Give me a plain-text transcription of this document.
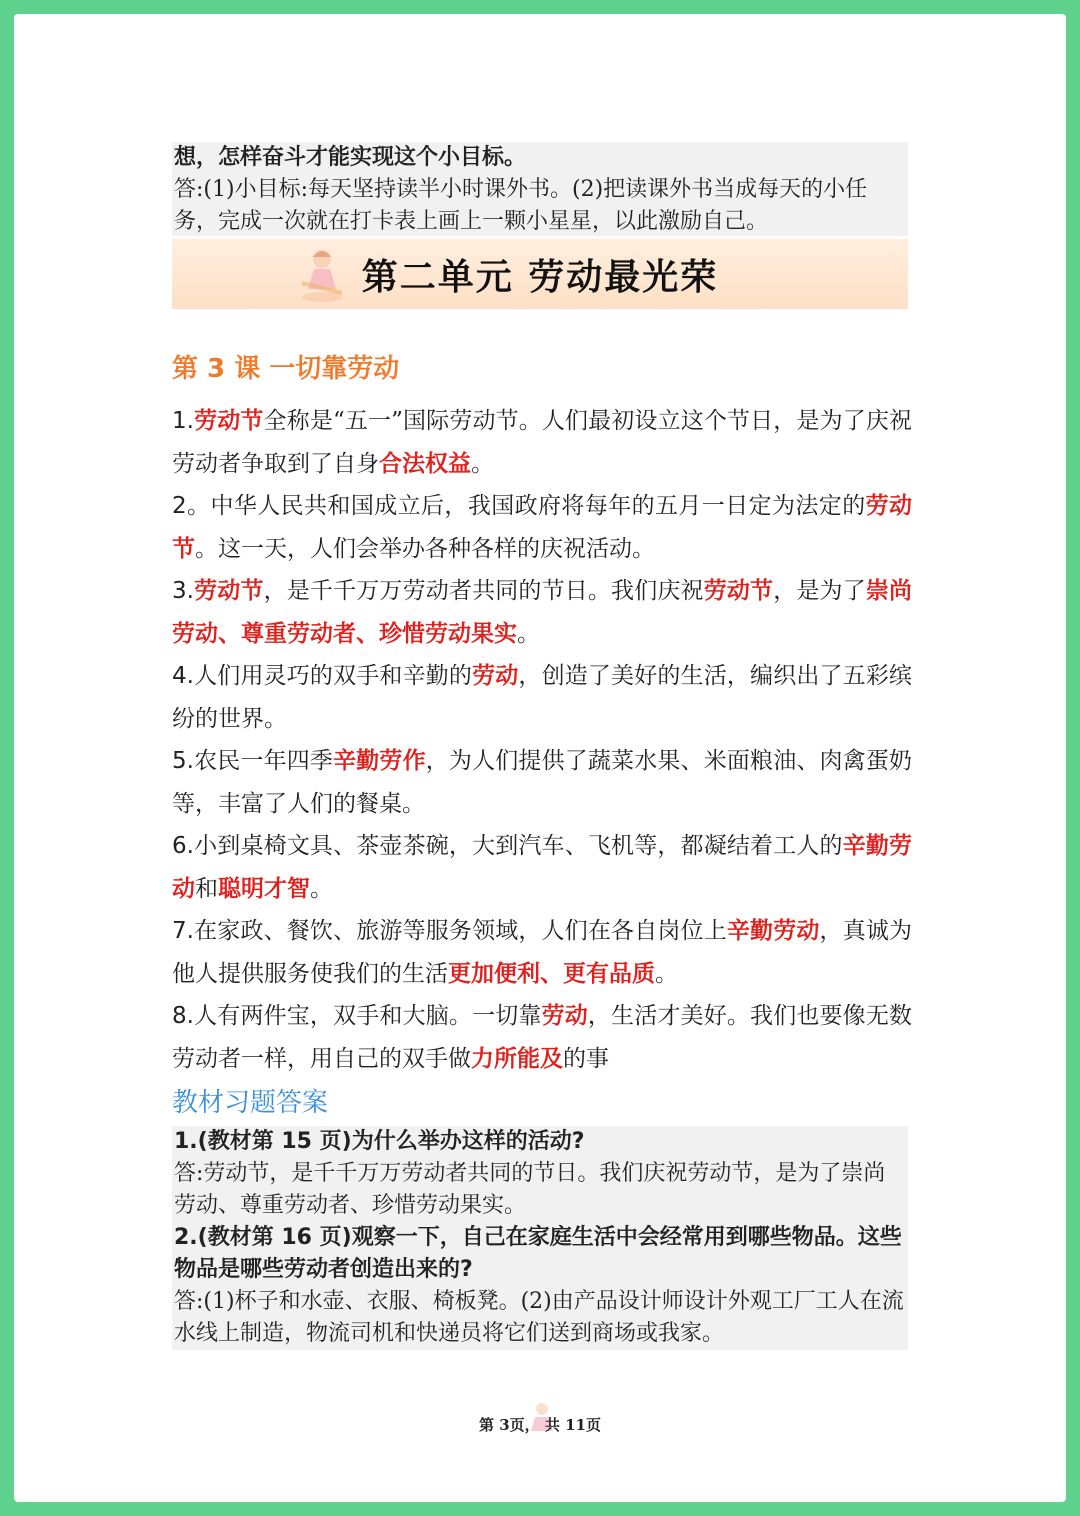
想，怎样奋斗才能实现这个小目标。
答:(1)小目标:每天坚持读半小时课外书。(2)把读课外书当成每天的小任务，完成一次就在打卡表上画上一颗小星星，以此激励自己。
第二单元 劳动最光荣
第 3 课 一切靠劳动
1.劳动节全称是“五一”国际劳动节。人们最初设立这个节日，是为了庆祝劳动者争取到了自身合法权益。
2。中华人民共和国成立后，我国政府将每年的五月一日定为法定的劳动节。这一天，人们会举办各种各样的庆祝活动。
3.劳动节，是千千万万劳动者共同的节日。我们庆祝劳动节，是为了崇尚劳动、尊重劳动者、珍惜劳动果实。
4.人们用灵巧的双手和辛勤的劳动，创造了美好的生活，编织出了五彩缤纷的世界。
5.农民一年四季辛勤劳作，为人们提供了蔬菜水果、米面粮油、肉禽蛋奶等，丰富了人们的餐桌。
6.小到桌椅文具、茶壶茶碗，大到汽车、飞机等，都凝结着工人的辛勤劳动和聪明才智。
7.在家政、餐饮、旅游等服务领域，人们在各自岗位上辛勤劳动，真诚为他人提供服务使我们的生活更加便利、更有品质。
8.人有两件宝，双手和大脑。一切靠劳动，生活才美好。我们也要像无数劳动者一样，用自己的双手做力所能及的事
教材习题答案
1.(教材第 15 页)为什么举办这样的活动?
答:劳动节，是千千万万劳动者共同的节日。我们庆祝劳动节，是为了崇尚劳动、尊重劳动者、珍惜劳动果实。
2.(教材第 16 页)观察一下，自己在家庭生活中会经常用到哪些物品。这些物品是哪些劳动者创造出来的?
答:(1)杯子和水壶、衣服、椅板凳。(2)由产品设计师设计外观工厂工人在流水线上制造，物流司机和快递员将它们送到商场或我家。
第 3页， 共 11页
